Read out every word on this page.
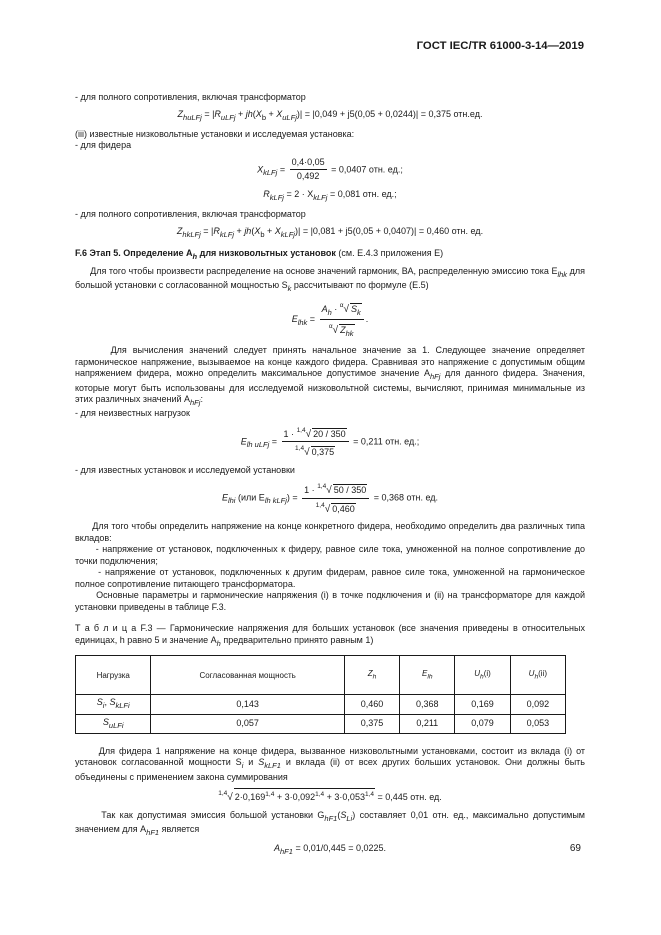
ГОСТ IEC/TR 61000-3-14—2019

- для полного сопротивления, включая трансформатор

$Z_{huLFj} = |R_{uLFj} + jh(X_b + X_{uLFj})| = |0,049 + j5(0,05 + 0,0244)| = 0,375$ отн.ед.

(iii) известные низковольтные установки и исследуемая установка:

- для фидера

$X_{kLFj} = \frac{0,4\cdot 0,05}{0,492} = 0,0407$ отн. ед.;
$R_{kLFj} = 2 \cdot X_{kLFj} = 0,081$ отн. ед.;

- для полного сопротивления, включая трансформатор

$Z_{hkLFj} = |R_{kLFj} + jh(X_b + X_{kLFj})| = |0,081 + j5(0,05 + 0,0407)| = 0,460$ отн. ед.
F.6 Этап 5. Определение $A_h$ для низковольтных установок (см. Е.4.3 приложения Е)

Для того чтобы произвести распределение на основе значений гармоник, ВА, распределенную эмиссию тока $E_{lhk}$ для большой установки с согласованной мощностью $S_k$ рассчитывают по формуле (Е.5)

$E_{lhk} = \frac{A_h \cdot ^\alpha√ S_k}{^\alpha√ Z_{hk}}$ .

Для вычисления значений следует принять начальное значение за 1. Следующее значение определяет гармоническое напряжение, вызываемое на конце каждого фидера. Сравнивая это напряжение с допустимым общим напряжением фидера, можно определить максимальное допустимое значение $A_{hFj}$ для данного фидера. Значения, которые могут быть использованы для исследуемой низковольтной системы, вычисляют, принимая минимальные из этих различных значений $A_{hFj}$:

- для неизвестных нагрузок

$E_{lh uLFj} = \frac{1 \cdot ^{1,4}√ 20 / 350}{^{1,4}√ 0,375} = 0,211$ отн. ед.;

- для известных установок и исследуемой установки

$E_{lhi}$ (или $E_{lh kLFj}) = \frac{1 \cdot ^{1,4}√ 50 / 350}{^{1,4}√ 0,460} = 0,368$ отн. ед.

Для того чтобы определить напряжение на конце конкретного фидера, необходимо определить два различных типа вкладов:

- напряжение от установок, подключенных к фидеру, равное силе тока, умноженной на полное сопротивление до точки подключения;

- напряжение от установок, подключенных к другим фидерам, равное силе тока, умноженной на гармоническое полное сопротивление питающего трансформатора.

Основные параметры и гармонические напряжения (i) в точке подключения и (ii) на трансформаторе для каждой установки приведены в таблице F.3.

Т а б л и ц а F.3 — Гармонические напряжения для больших установок (все значения приведены в относительных единицах, h равно 5 и значение $A_h$ предварительно принято равным 1)

Нагрузка	Согласованная мощность	$Z_h$	$E_{lh}$	$U_h(i)$	$U_h(ii)$
$S_i$, $S_{kLFi}$	0,143	0,460	0,368	0,169	0,092
$S_{uLFi}$	0,057	0,375	0,211	0,079	0,053

Для фидера 1 напряжение на конце фидера, вызванное низковольтными установками, состоит из вклада (i) от установок согласованной мощности $S_i$ и $S_{kLF1}$ и вклада (ii) от всех других больших установок. Они должны быть объединены с применением закона суммирования

$^{1,4}$√ $2\cdot 0,169^{1,4} + 3\cdot 0,092^{1,4} + 3\cdot 0,053^{1,4} = 0,445$ отн. ед.

Так как допустимая эмиссия большой установки $G_{hF1}(S_{Li})$ составляет 0,01 отн. ед., максимально допустимым значением для $A_{hF1}$ является

$A_{hF1} = 0,01/0,445 = 0,0225$.	69
